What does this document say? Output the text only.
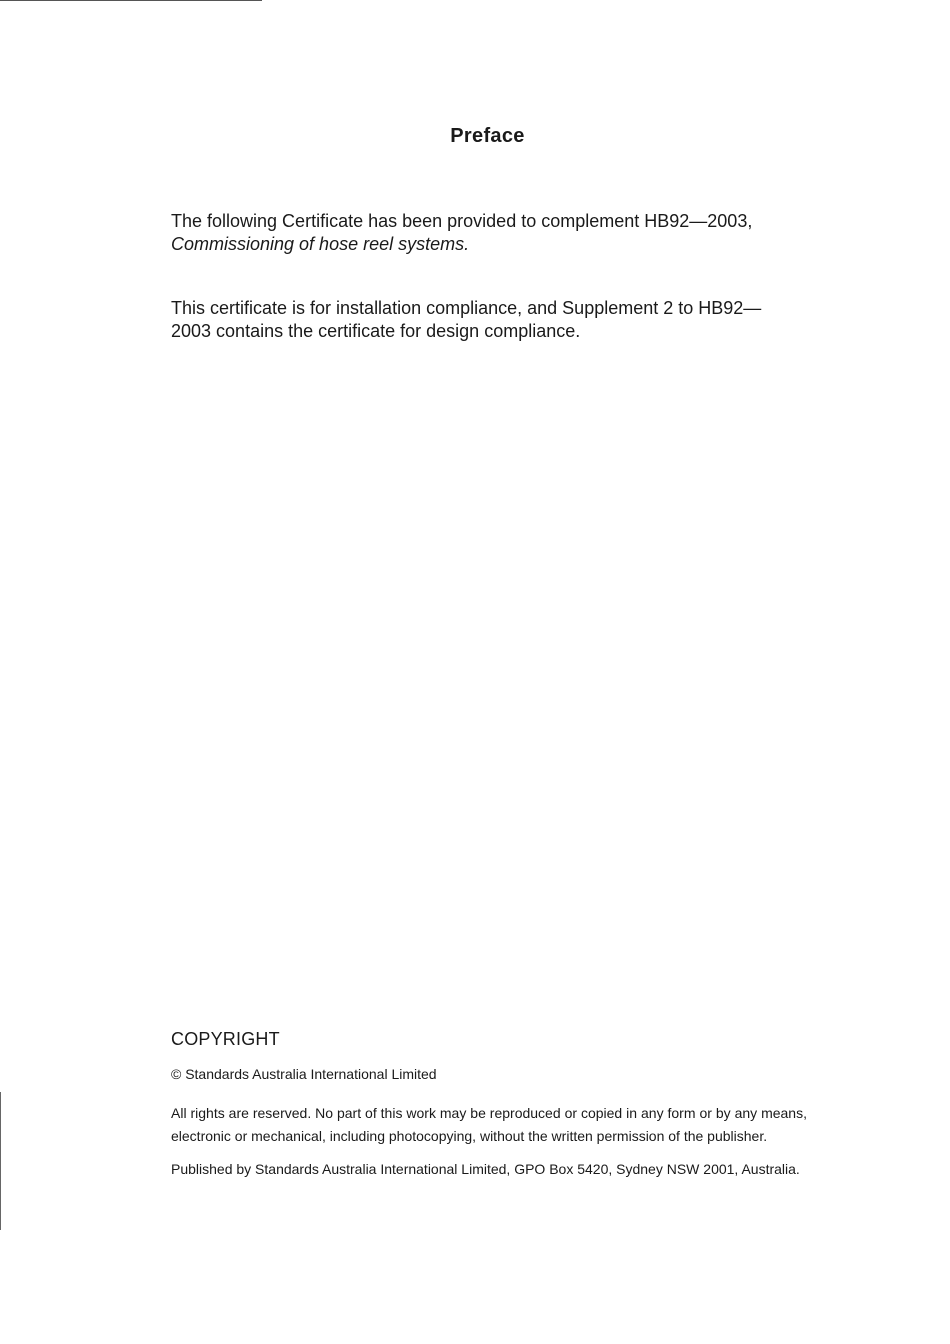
Preface

The following Certificate has been provided to complement HB92—2003, Commissioning of hose reel systems.

This certificate is for installation compliance, and Supplement 2 to HB92—2003 contains the certificate for design compliance.

COPYRIGHT

© Standards Australia International Limited

All rights are reserved. No part of this work may be reproduced or copied in any form or by any means, electronic or mechanical, including photocopying, without the written permission of the publisher.

Published by Standards Australia International Limited, GPO Box 5420, Sydney NSW 2001, Australia.
